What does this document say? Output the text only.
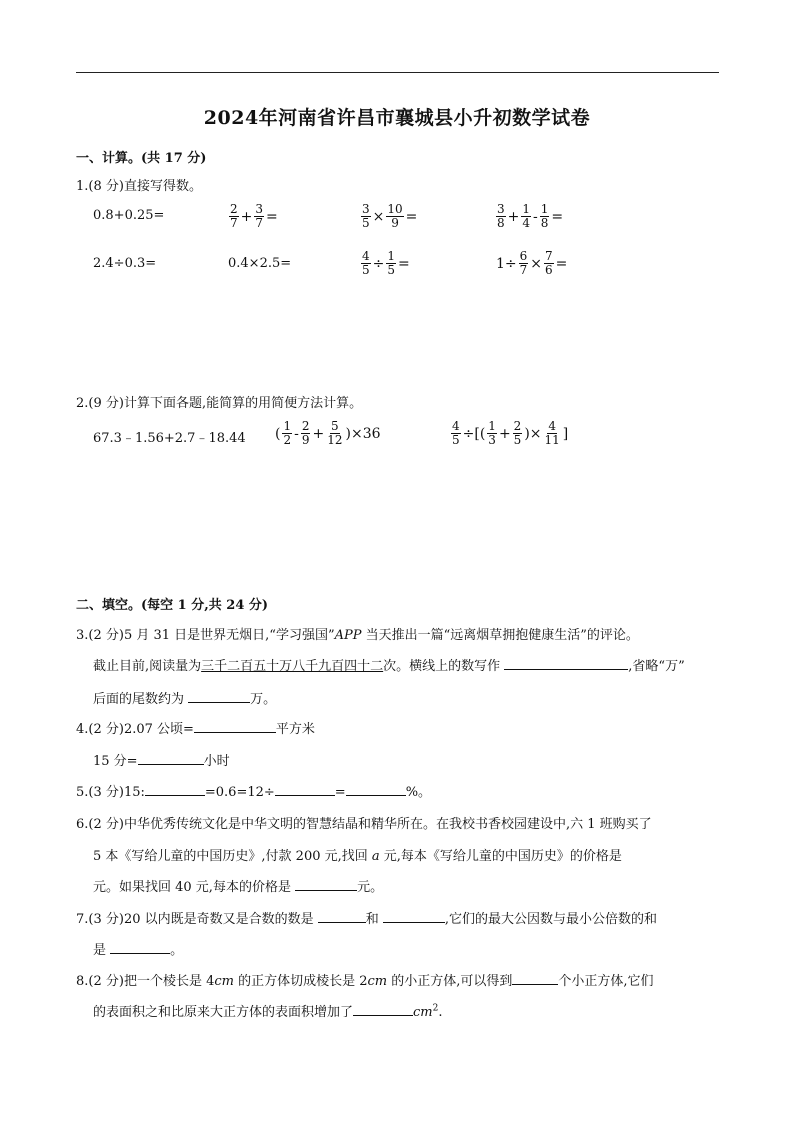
2024年河南省许昌市襄城县小升初数学试卷
一、计算。(共 17 分)
1.(8 分)直接写得数。
0.8+0.25=	$\frac{2}{7} + \frac{3}{7}$ =	$\frac{3}{5} \times \frac{10}{9}$ =	$\frac{3}{8} + \frac{1}{4} - \frac{1}{8}$ =
2.4÷0.3=	0.4×2.5=	$\frac{4}{5} \div \frac{1}{5}$ =	$1\div \frac{6}{7} \times \frac{7}{6}$ =
2.(9 分)计算下面各题,能简算的用简便方法计算。
67.3﹣1.56+2.7﹣18.44 ( $\frac{1}{2} - \frac{2}{9} + \frac{5}{12} )\times 36$	$\frac{4}{5}$ ÷[( $\frac{1}{3} + \frac{2}{5}$ )× $\frac{4}{11}$ ]
二、填空。(每空 1 分,共 24 分)
3.(2 分)5 月 31 日是世界无烟日,“学习强国”APP 当天推出一篇“远离烟草拥抱健康生活”的评论。
截止目前,阅读量为三千二百五十万八千九百四十二次。横线上的数写作	,省略“万”
后面的尾数约为	万。
4.(2 分)2.07 公顷=	平方米
15 分=	小时
5.(3 分)15:	=0.6=12÷	=	%。
6.(2 分)中华优秀传统文化是中华文明的智慧结晶和精华所在。在我校书香校园建设中,六 1 班购买了
5 本《写给儿童的中国历史》,付款 200 元,找回 a 元,每本《写给儿童的中国历史》的价格是
元。如果找回 40 元,每本的价格是	元。
7.(3 分)20 以内既是奇数又是合数的数是	和	,它们的最大公因数与最小公倍数的和
是	。
8.(2 分)把一个棱长是 4cm 的正方体切成棱长是 2cm 的小正方体,可以得到	个小正方体,它们
的表面积之和比原来大正方体的表面积增加了	$cm^2$.
